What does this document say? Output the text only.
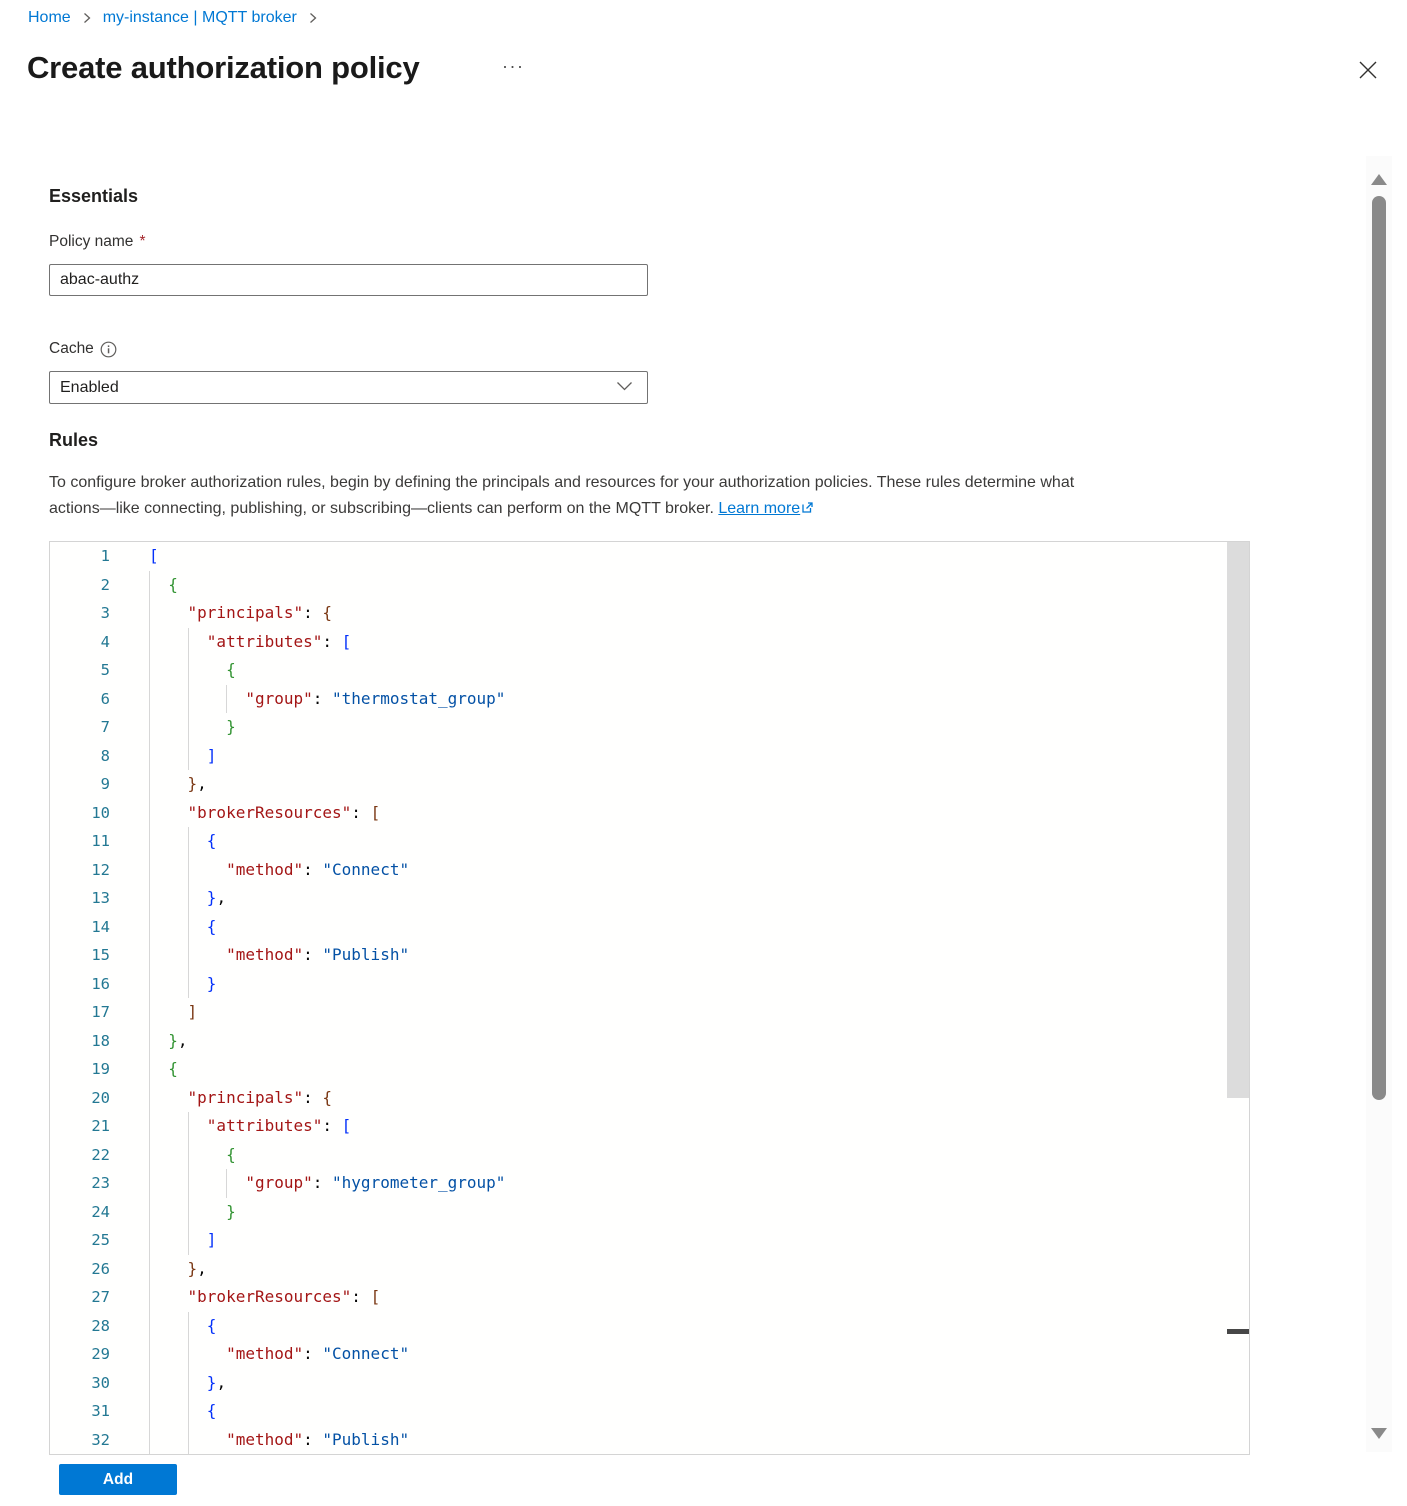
Home my-instance | MQTT broker
Create authorization policy	···
Essentials
Policy name *
abac-authz
Cache
Enabled
Rules

To configure broker authorization rules, begin by defining the principals and resources for your authorization policies. These rules determine what actions—like connecting, publishing, or subscribing—clients can perform on the MQTT broker. Learn more

1 [
2	{
3	"principals": {
4	"attributes": [
5	{
6	"group": "thermostat_group"
7	}
8	]
9	},
10	"brokerResources": [
11	{
12	"method": "Connect"
13	},
14	{
15	"method": "Publish"
16	}
17	]
18	},
19	{
20	"principals": {
21	"attributes": [
22	{
23	"group": "hygrometer_group"
24	}
25	]
26	},
27	"brokerResources": [
28	{
29	"method": "Connect"
30	},
31	{
32	"method": "Publish"
Add
